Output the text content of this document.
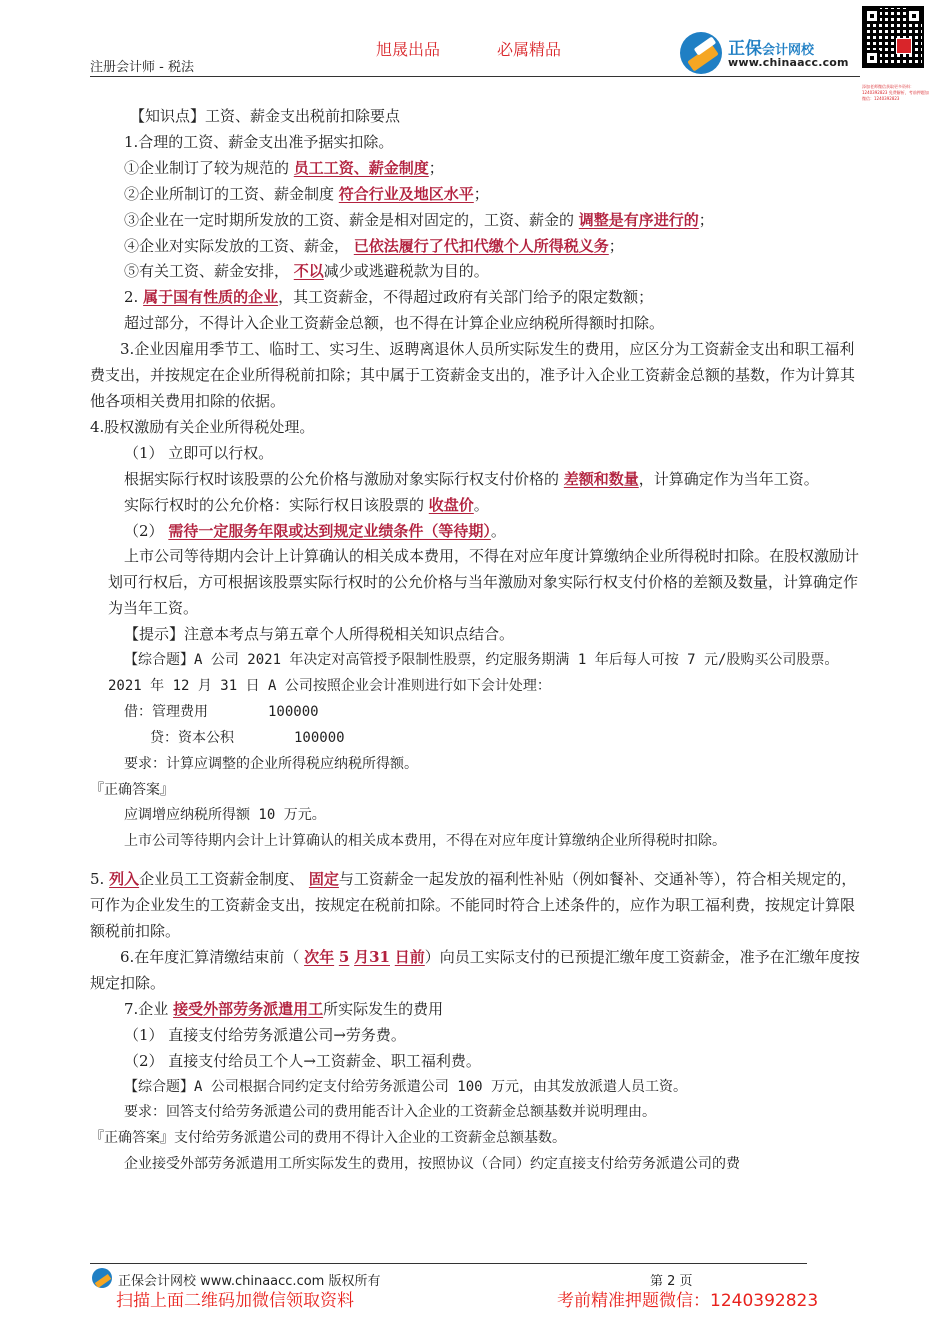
注册会计师 - 税法
旭晟出品	必属精品	正保会计网校
www.chinaacc.com
添加老师微信获取更多资料：1240392823 免费解析，考前押题加微信：1240392823
【知识点】工资、薪金支出税前扣除要点
1.合理的工资、薪金支出准予据实扣除。
①企业制订了较为规范的 员工工资、薪金制度；
②企业所制订的工资、薪金制度 符合行业及地区水平；
③企业在一定时期所发放的工资、薪金是相对固定的，工资、薪金的 调整是有序进行的；
④企业对实际发放的工资、薪金， 已依法履行了代扣代缴个人所得税义务；
⑤有关工资、薪金安排， 不以减少或逃避税款为目的。
2. 属于国有性质的企业，其工资薪金，不得超过政府有关部门给予的限定数额；
超过部分，不得计入企业工资薪金总额，也不得在计算企业应纳税所得额时扣除。
3.企业因雇用季节工、临时工、实习生、返聘离退休人员所实际发生的费用，应区分为工资薪金支出和职工福利费支出，并按规定在企业所得税前扣除；其中属于工资薪金支出的，准予计入企业工资薪金总额的基数，作为计算其他各项相关费用扣除的依据。
4.股权激励有关企业所得税处理。
（1） 立即可以行权。
根据实际行权时该股票的公允价格与激励对象实际行权支付价格的 差额和数量，计算确定作为当年工资。
实际行权时的公允价格：实际行权日该股票的 收盘价。
（2） 需待一定服务年限或达到规定业绩条件（等待期）。
上市公司等待期内会计上计算确认的相关成本费用，不得在对应年度计算缴纳企业所得税时扣除。在股权激励计划可行权后，方可根据该股票实际行权时的公允价格与当年激励对象实际行权支付价格的差额及数量，计算确定作为当年工资。
【提示】注意本考点与第五章个人所得税相关知识点结合。
【综合题】A 公司 2021 年决定对高管授予限制性股票，约定服务期满 1 年后每人可按 7 元/股购买公司股票。2021 年 12 月 31 日 A 公司按照企业会计准则进行如下会计处理：
借：管理费用	100000
贷：资本公积	100000
要求：计算应调整的企业所得税应纳税所得额。
『正确答案』
应调增应纳税所得额 10 万元。
上市公司等待期内会计上计算确认的相关成本费用，不得在对应年度计算缴纳企业所得税时扣除。
5. 列入企业员工工资薪金制度、 固定与工资薪金一起发放的福利性补贴（例如餐补、交通补等），符合相关规定的，可作为企业发生的工资薪金支出，按规定在税前扣除。不能同时符合上述条件的，应作为职工福利费，按规定计算限额税前扣除。
6.在年度汇算清缴结束前（ 次年 5 月31 日前）向员工实际支付的已预提汇缴年度工资薪金，准予在汇缴年度按规定扣除。
7.企业 接受外部劳务派遣用工所实际发生的费用
（1） 直接支付给劳务派遣公司→劳务费。
（2） 直接支付给员工个人→工资薪金、职工福利费。
【综合题】A 公司根据合同约定支付给劳务派遣公司 100 万元，由其发放派遣人员工资。
要求：回答支付给劳务派遣公司的费用能否计入企业的工资薪金总额基数并说明理由。
『正确答案』支付给劳务派遣公司的费用不得计入企业的工资薪金总额基数。
企业接受外部劳务派遣用工所实际发生的费用，按照协议（合同）约定直接支付给劳务派遣公司的费
正保会计网校 www.chinaacc.com 版权所有	第 2 页
扫描上面二维码加微信领取资料	考前精准押题微信：1240392823
